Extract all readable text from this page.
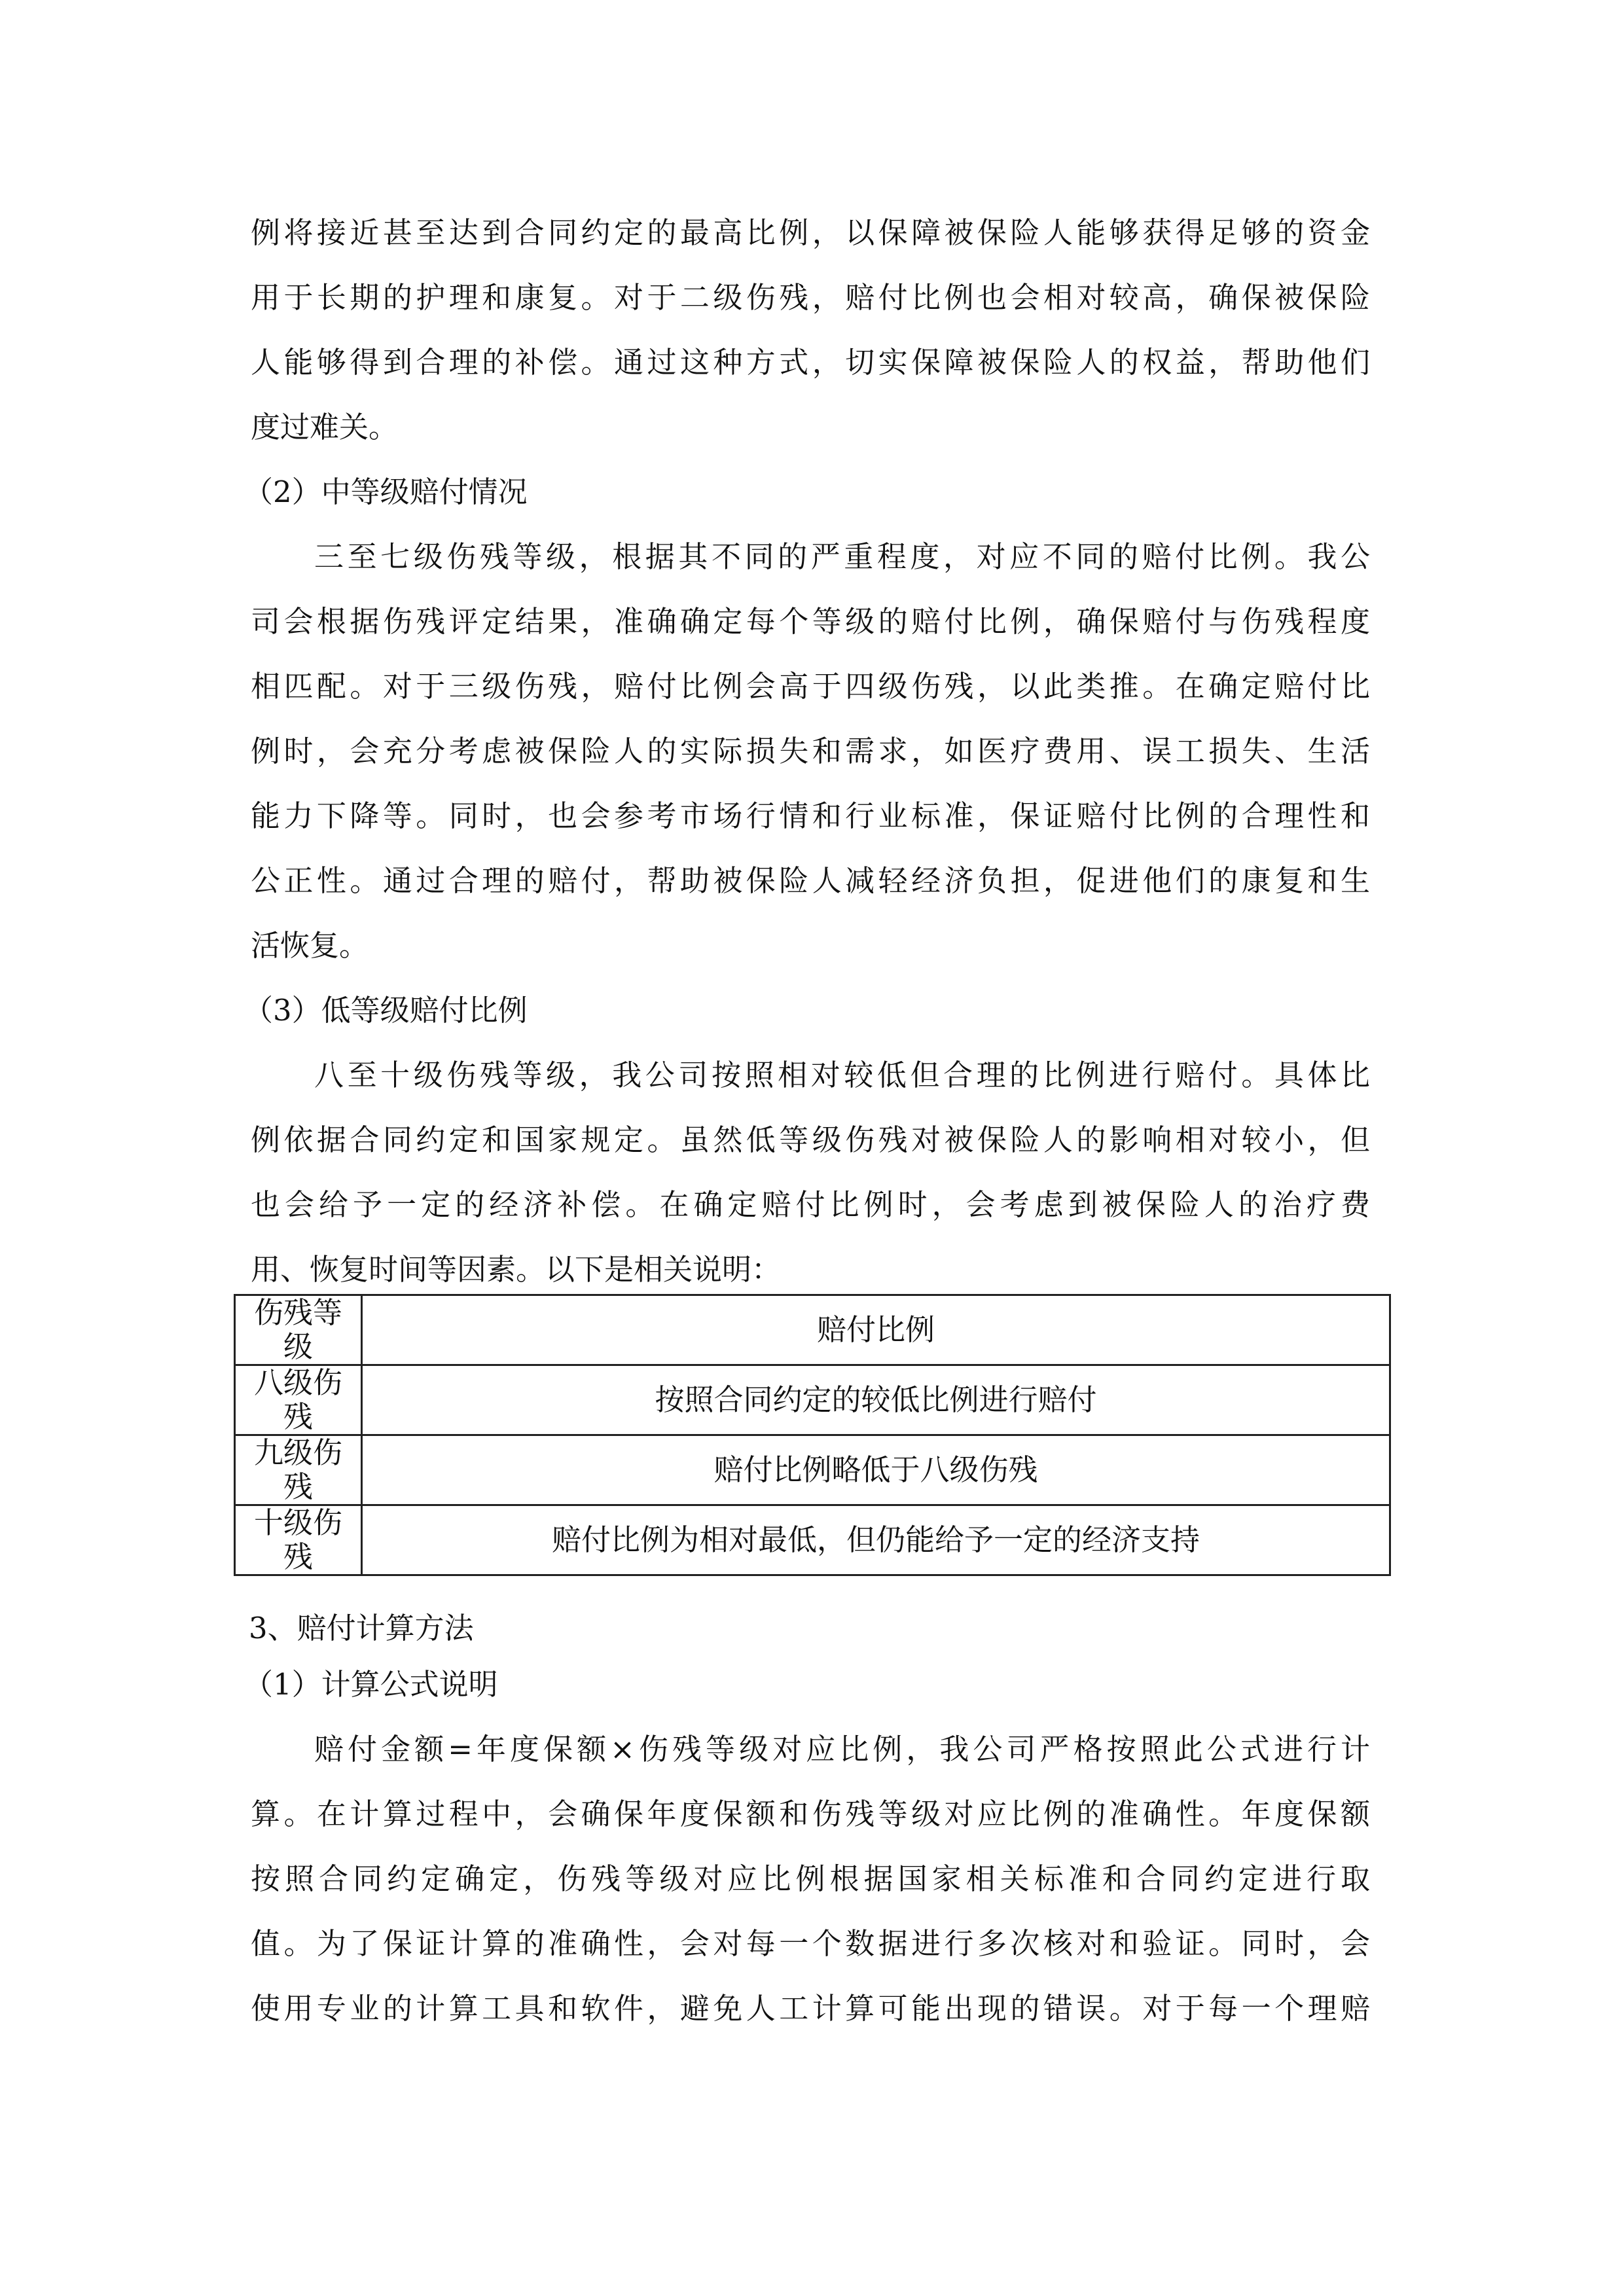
例将接近甚至达到合同约定的最高比例，以保障被保险人能够获得足够的资金
用于长期的护理和康复。对于二级伤残，赔付比例也会相对较高，确保被保险
人能够得到合理的补偿。通过这种方式，切实保障被保险人的权益，帮助他们
度过难关。
（2）中等级赔付情况
三至七级伤残等级，根据其不同的严重程度，对应不同的赔付比例。我公
司会根据伤残评定结果，准确确定每个等级的赔付比例，确保赔付与伤残程度
相匹配。对于三级伤残，赔付比例会高于四级伤残，以此类推。在确定赔付比
例时，会充分考虑被保险人的实际损失和需求，如医疗费用、误工损失、生活
能力下降等。同时，也会参考市场行情和行业标准，保证赔付比例的合理性和
公正性。通过合理的赔付，帮助被保险人减轻经济负担，促进他们的康复和生
活恢复。
（3）低等级赔付比例
八至十级伤残等级，我公司按照相对较低但合理的比例进行赔付。具体比
例依据合同约定和国家规定。虽然低等级伤残对被保险人的影响相对较小，但
也会给予一定的经济补偿。在确定赔付比例时，会考虑到被保险人的治疗费
用、恢复时间等因素。以下是相关说明：
伤残等级	赔付比例
八级伤残	按照合同约定的较低比例进行赔付
九级伤残	赔付比例略低于八级伤残
十级伤残	赔付比例为相对最低，但仍能给予一定的经济支持
3、赔付计算方法
（1）计算公式说明
赔付金额=年度保额×伤残等级对应比例，我公司严格按照此公式进行计
算。在计算过程中，会确保年度保额和伤残等级对应比例的准确性。年度保额
按照合同约定确定，伤残等级对应比例根据国家相关标准和合同约定进行取
值。为了保证计算的准确性，会对每一个数据进行多次核对和验证。同时，会
使用专业的计算工具和软件，避免人工计算可能出现的错误。对于每一个理赔
